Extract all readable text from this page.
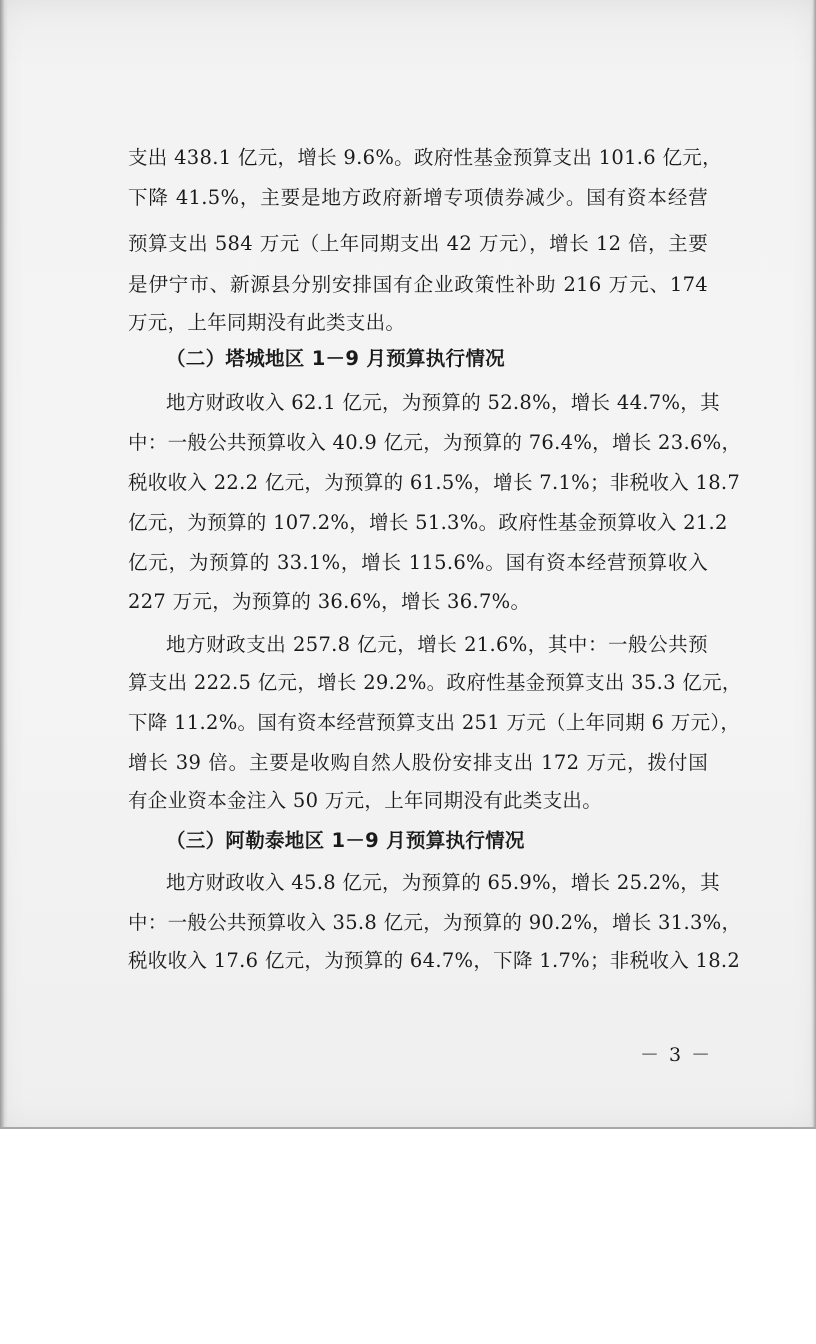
支出 438.1 亿元，增长 9.6%。政府性基金预算支出 101.6 亿元，
下降 41.5%，主要是地方政府新增专项债券减少。国有资本经营
预算支出 584 万元（上年同期支出 42 万元），增长 12 倍，主要
是伊宁市、新源县分别安排国有企业政策性补助 216 万元、174
万元，上年同期没有此类支出。
（二）塔城地区 1－9 月预算执行情况
地方财政收入 62.1 亿元，为预算的 52.8%，增长 44.7%，其
中：一般公共预算收入 40.9 亿元，为预算的 76.4%，增长 23.6%，
税收收入 22.2 亿元，为预算的 61.5%，增长 7.1%；非税收入 18.7
亿元，为预算的 107.2%，增长 51.3%。政府性基金预算收入 21.2
亿元，为预算的 33.1%，增长 115.6%。国有资本经营预算收入
227 万元，为预算的 36.6%，增长 36.7%。
地方财政支出 257.8 亿元，增长 21.6%，其中：一般公共预
算支出 222.5 亿元，增长 29.2%。政府性基金预算支出 35.3 亿元，
下降 11.2%。国有资本经营预算支出 251 万元（上年同期 6 万元），
增长 39 倍。主要是收购自然人股份安排支出 172 万元，拨付国
有企业资本金注入 50 万元，上年同期没有此类支出。
（三）阿勒泰地区 1－9 月预算执行情况
地方财政收入 45.8 亿元，为预算的 65.9%，增长 25.2%，其
中：一般公共预算收入 35.8 亿元，为预算的 90.2%，增长 31.3%，
税收收入 17.6 亿元，为预算的 64.7%，下降 1.7%；非税收入 18.2
－ 3 －
